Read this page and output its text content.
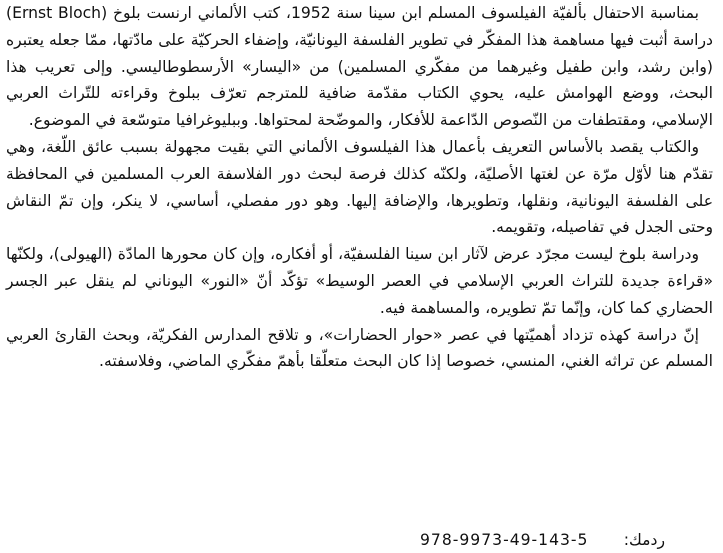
بمناسبة الاحتفال بألفيّة الفيلسوف المسلم ابن سينا سنة 1952، كتب الألماني ارنست بلوخ (Ernst Bloch) دراسة أثبت فيها مساهمة هذا المفكّر في تطوير الفلسفة اليونانيّة، وإضفاء الحركيّة على مادّتها، ممّا جعله يعتبره (وابن رشد، وابن طفيل وغيرهما من مفكّري المسلمين) من «اليسار» الأرسطوطاليسي. وإلى تعريب هذا البحث، ووضع الهوامش عليه، يحوي الكتاب مقدّمة ضافية للمترجم تعرّف ببلوخ وقراءته للتّراث العربي الإسلامي، ومقتطفات من النّصوص الدّاعمة للأفكار، والموضّحة لمحتواها. وببليوغرافيا متوسّعة في الموضوع.

والكتاب يقصد بالأساس التعريف بأعمال هذا الفيلسوف الألماني التي بقيت مجهولة بسبب عائق اللّغة، وهي تقدّم هنا لأوّل مرّة عن لغتها الأصليّة، ولكنّه كذلك فرصة لبحث دور الفلاسفة العرب المسلمين في المحافظة على الفلسفة اليونانية، ونقلها، وتطويرها، والإضافة إليها. وهو دور مفصلي، أساسي، لا ينكر، وإن تمّ النقاش وحتى الجدل في تفاصيله، وتقويمه.

ودراسة بلوخ ليست مجرّد عرض لآثار ابن سينا الفلسفيّة، أو أفكاره، وإن كان محورها المادّة (الهيولى)، ولكنّها «قراءة جديدة للتراث العربي الإسلامي في العصر الوسيط» تؤكّد أنّ «النور» اليوناني لم ينقل عبر الجسر الحضاري كما كان، وإنّما تمّ تطويره، والمساهمة فيه.

إنّ دراسة كهذه تزداد أهميّتها في عصر «حوار الحضارات»، و تلاقح المدارس الفكريّة، وبحث القارئ العربي المسلم عن تراثه الغني، المنسي، خصوصا إذا كان البحث متعلّقا بأهمّ مفكّري الماضي، وفلاسفته.

ردمك:
978-9973-49-143-5
